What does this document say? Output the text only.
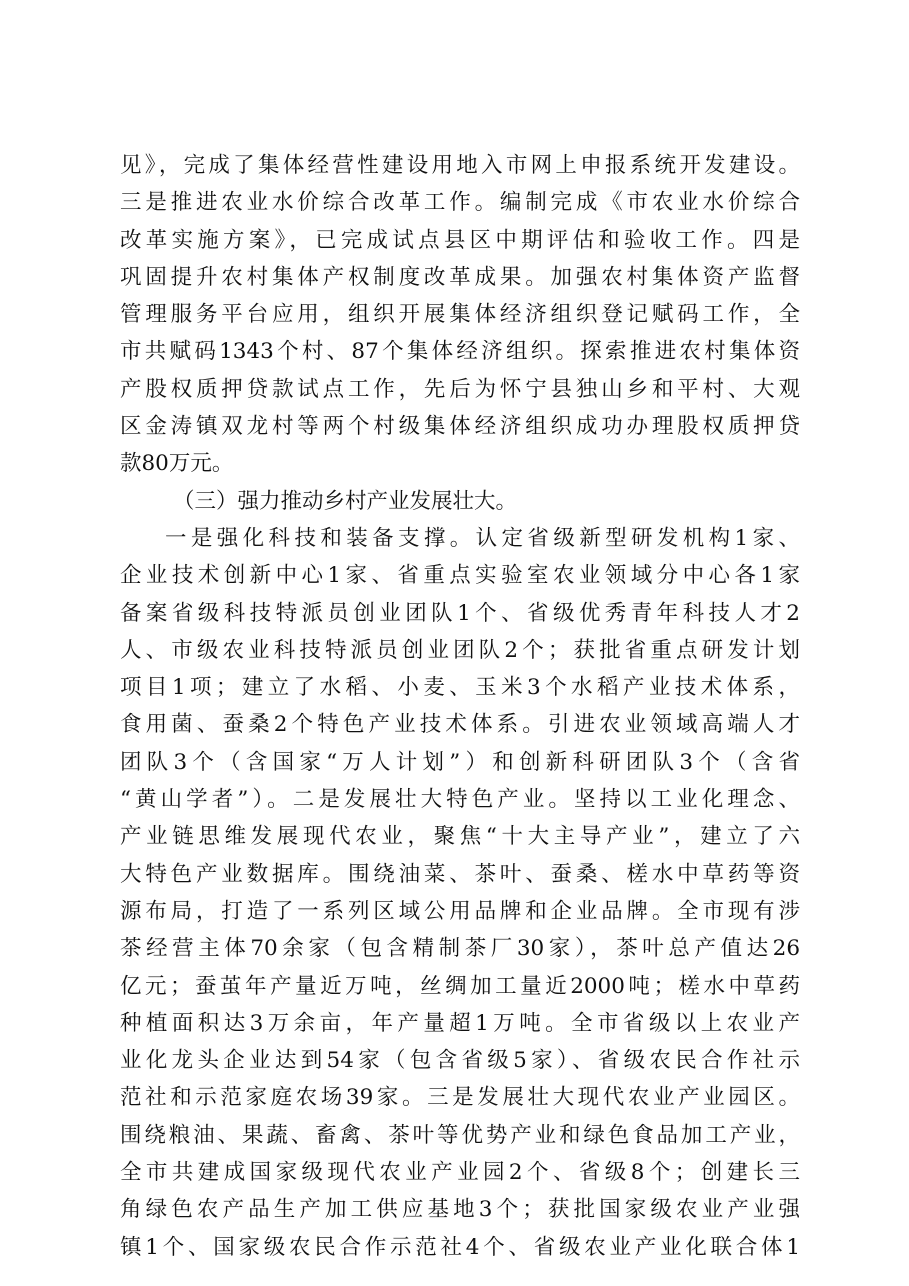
见》，完成了集体经营性建设用地入市网上申报系统开发建设。
三是推进农业水价综合改革工作。编制完成《市农业水价综合
改革实施方案》，已完成试点县区中期评估和验收工作。四是
巩固提升农村集体产权制度改革成果。加强农村集体资产监督
管理服务平台应用，组织开展集体经济组织登记赋码工作，全
市共赋码1343个村、87个集体经济组织。探索推进农村集体资
产股权质押贷款试点工作，先后为怀宁县独山乡和平村、大观
区金涛镇双龙村等两个村级集体经济组织成功办理股权质押贷
款80万元。
（三）强力推动乡村产业发展壮大。
一是强化科技和装备支撑。认定省级新型研发机构1家、
企业技术创新中心1家、省重点实验室农业领域分中心各1家
备案省级科技特派员创业团队1个、省级优秀青年科技人才2
人、市级农业科技特派员创业团队2个；获批省重点研发计划
项目1项；建立了水稻、小麦、玉米3个水稻产业技术体系，
食用菌、蚕桑2个特色产业技术体系。引进农业领域高端人才
团队3个（含国家“万人计划”）和创新科研团队3个（含省
“黄山学者”）。二是发展壮大特色产业。坚持以工业化理念、
产业链思维发展现代农业，聚焦“十大主导产业”，建立了六
大特色产业数据库。围绕油菜、茶叶、蚕桑、槎水中草药等资
源布局，打造了一系列区域公用品牌和企业品牌。全市现有涉
茶经营主体70余家（包含精制茶厂30家），茶叶总产值达26
亿元；蚕茧年产量近万吨，丝绸加工量近2000吨；槎水中草药
种植面积达3万余亩，年产量超1万吨。全市省级以上农业产
业化龙头企业达到54家（包含省级5家）、省级农民合作社示
范社和示范家庭农场39家。三是发展壮大现代农业产业园区。
围绕粮油、果蔬、畜禽、茶叶等优势产业和绿色食品加工产业，
全市共建成国家级现代农业产业园2个、省级8个；创建长三
角绿色农产品生产加工供应基地3个；获批国家级农业产业强
镇1个、国家级农民合作示范社4个、省级农业产业化联合体1
